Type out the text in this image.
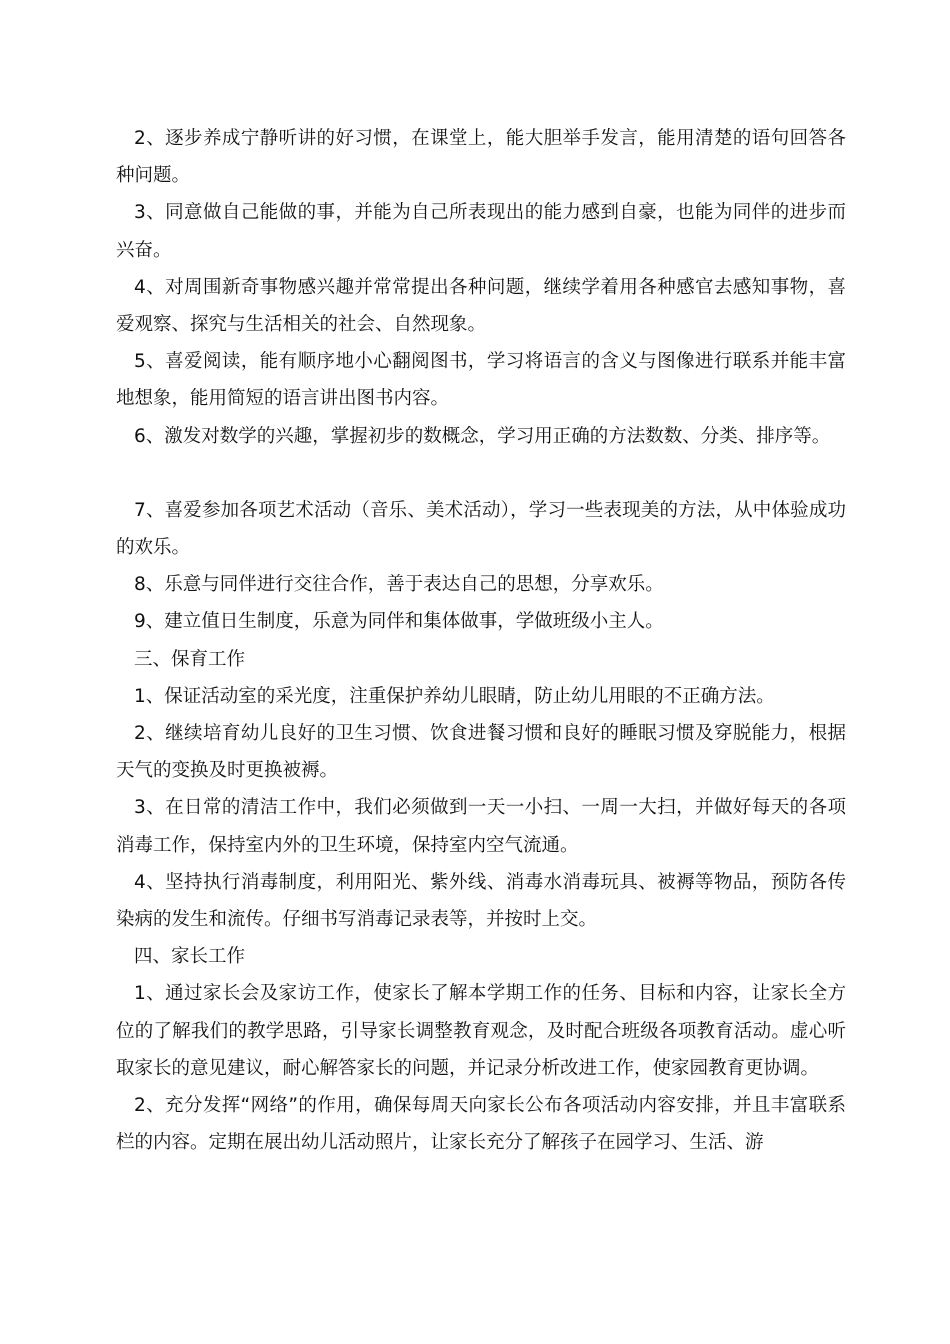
2、逐步养成宁静听讲的好习惯，在课堂上，能大胆举手发言，能用清楚的语句回答各种问题。

3、同意做自己能做的事，并能为自己所表现出的能力感到自豪，也能为同伴的进步而兴奋。

4、对周围新奇事物感兴趣并常常提出各种问题，继续学着用各种感官去感知事物，喜爱观察、探究与生活相关的社会、自然现象。

5、喜爱阅读，能有顺序地小心翻阅图书，学习将语言的含义与图像进行联系并能丰富地想象，能用简短的语言讲出图书内容。

6、激发对数学的兴趣，掌握初步的数概念，学习用正确的方法数数、分类、排序等。

7、喜爱参加各项艺术活动（音乐、美术活动），学习一些表现美的方法，从中体验成功的欢乐。

8、乐意与同伴进行交往合作，善于表达自己的思想，分享欢乐。

9、建立值日生制度，乐意为同伴和集体做事，学做班级小主人。

三、保育工作

1、保证活动室的采光度，注重保护养幼儿眼睛，防止幼儿用眼的不正确方法。

2、继续培育幼儿良好的卫生习惯、饮食进餐习惯和良好的睡眠习惯及穿脱能力，根据天气的变换及时更换被褥。

3、在日常的清洁工作中，我们必须做到一天一小扫、一周一大扫，并做好每天的各项消毒工作，保持室内外的卫生环境，保持室内空气流通。

4、坚持执行消毒制度，利用阳光、紫外线、消毒水消毒玩具、被褥等物品，预防各传染病的发生和流传。仔细书写消毒记录表等，并按时上交。

四、家长工作

1、通过家长会及家访工作，使家长了解本学期工作的任务、目标和内容，让家长全方位的了解我们的教学思路，引导家长调整教育观念，及时配合班级各项教育活动。虚心听取家长的意见建议，耐心解答家长的问题，并记录分析改进工作，使家园教育更协调。

2、充分发挥“网络”的作用，确保每周天向家长公布各项活动内容安排，并且丰富联系栏的内容。定期在展出幼儿活动照片，让家长充分了解孩子在园学习、生活、游
